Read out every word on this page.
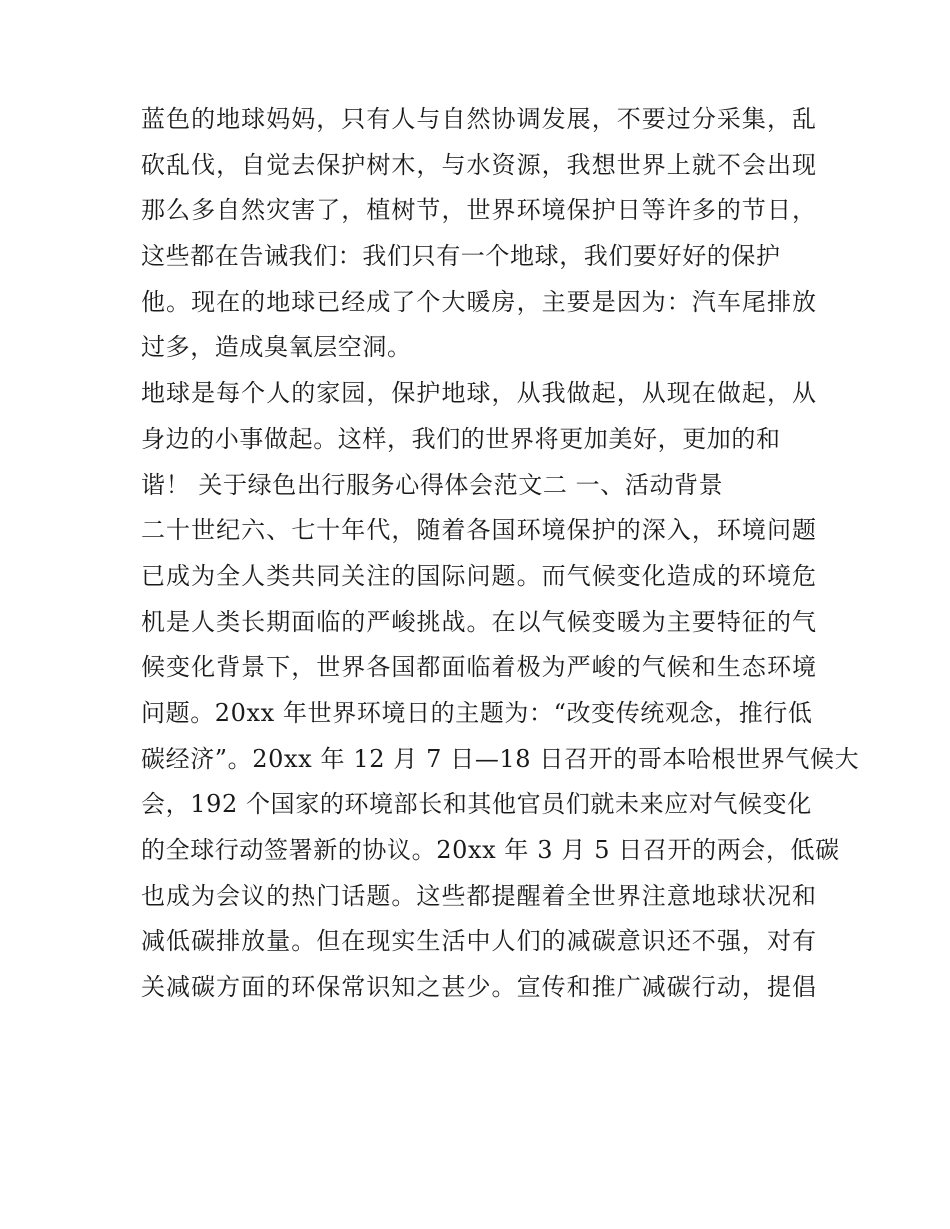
蓝色的地球妈妈，只有人与自然协调发展，不要过分采集，乱
砍乱伐，自觉去保护树木，与水资源，我想世界上就不会出现
那么多自然灾害了，植树节，世界环境保护日等许多的节日，
这些都在告诫我们：我们只有一个地球，我们要好好的保护
他。现在的地球已经成了个大暖房，主要是因为：汽车尾排放
过多，造成臭氧层空洞。
地球是每个人的家园，保护地球，从我做起，从现在做起，从
身边的小事做起。这样，我们的世界将更加美好，更加的和
谐！ 关于绿色出行服务心得体会范文二 一、活动背景
二十世纪六、七十年代，随着各国环境保护的深入，环境问题
已成为全人类共同关注的国际问题。而气候变化造成的环境危
机是人类长期面临的严峻挑战。在以气候变暖为主要特征的气
候变化背景下，世界各国都面临着极为严峻的气候和生态环境
问题。20xx 年世界环境日的主题为：“改变传统观念，推行低
碳经济”。20xx 年 12 月 7 日—18 日召开的哥本哈根世界气候大
会，192 个国家的环境部长和其他官员们就未来应对气候变化
的全球行动签署新的协议。20xx 年 3 月 5 日召开的两会，低碳
也成为会议的热门话题。这些都提醒着全世界注意地球状况和
减低碳排放量。但在现实生活中人们的减碳意识还不强，对有
关减碳方面的环保常识知之甚少。宣传和推广减碳行动，提倡
